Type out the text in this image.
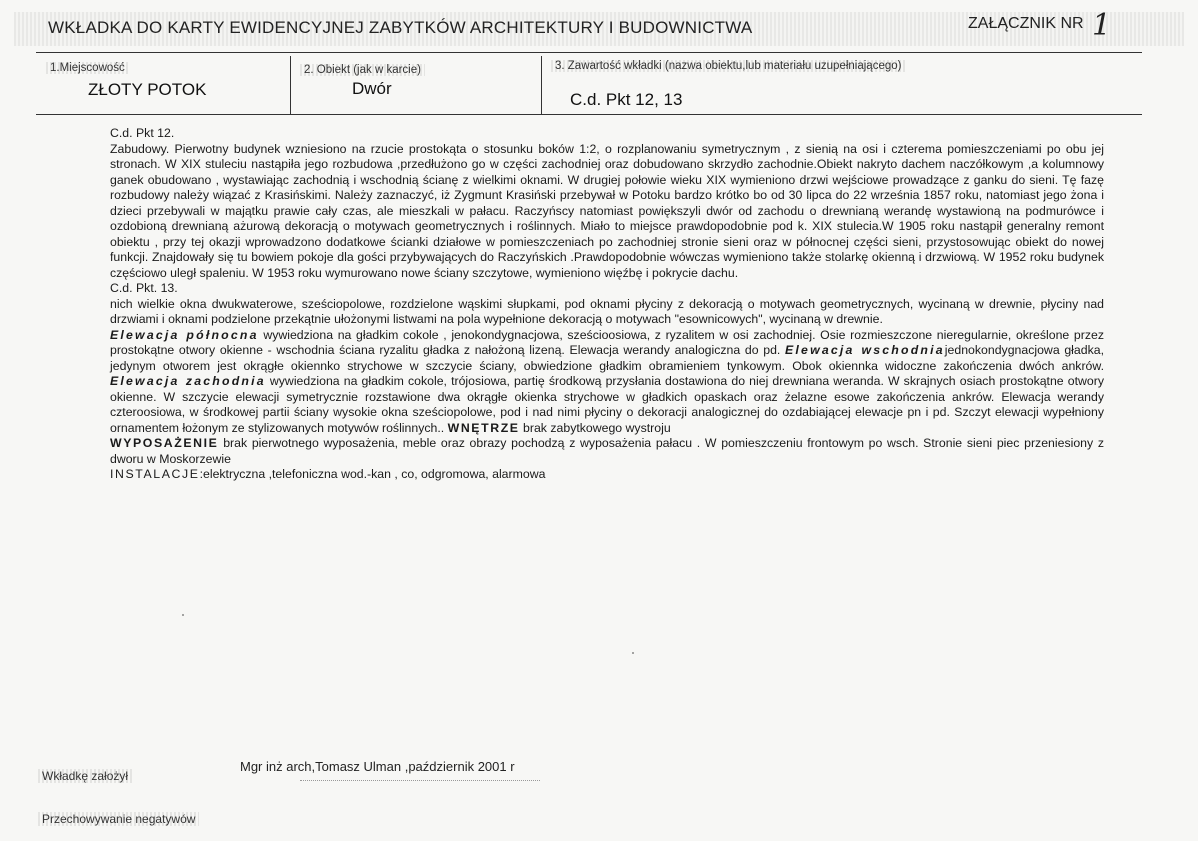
WKŁADKA DO KARTY EWIDENCYJNEJ ZABYTKÓW ARCHITEKTURY I BUDOWNICTWA	ZAŁĄCZNIK NR 1
1.Miejscowość
ZŁOTY POTOK
2. Obiekt (jak w karcie)
Dwór
3. Zawartość wkładki (nazwa obiektu,lub materiału uzupełniającego)
C.d. Pkt 12, 13

C.d. Pkt 12.

Zabudowy. Pierwotny budynek wzniesiono na rzucie prostokąta o stosunku boków 1:2, o rozplanowaniu symetrycznym , z sienią na osi i czterema pomieszczeniami po obu jej stronach. W XIX stuleciu nastąpiła jego rozbudowa ,przedłużono go w części zachodniej oraz dobudowano skrzydło zachodnie.Obiekt nakryto dachem naczółkowym ,a kolumnowy ganek obudowano , wystawiając zachodnią i wschodnią ścianę z wielkimi oknami. W drugiej połowie wieku XIX wymieniono drzwi wejściowe prowadzące z ganku do sieni. Tę fazę rozbudowy należy wiązać z Krasińskimi. Należy zaznaczyć, iż Zygmunt Krasiński przebywał w Potoku bardzo krótko bo od 30 lipca do 22 września 1857 roku, natomiast jego żona i dzieci przebywali w majątku prawie cały czas, ale mieszkali w pałacu. Raczyńscy natomiast powiększyli dwór od zachodu o drewnianą werandę wystawioną na podmurówce i ozdobioną drewnianą ażurową dekoracją o motywach geometrycznych i roślinnych. Miało to miejsce prawdopodobnie pod k. XIX stulecia.W 1905 roku nastąpił generalny remont obiektu , przy tej okazji wprowadzono dodatkowe ścianki działowe w pomieszczeniach po zachodniej stronie sieni oraz w północnej części sieni, przystosowując obiekt do nowej funkcji. Znajdowały się tu bowiem pokoje dla gości przybywających do Raczyńskich .Prawdopodobnie wówczas wymieniono także stolarkę okienną i drzwiową. W 1952 roku budynek częściowo uległ spaleniu. W 1953 roku wymurowano nowe ściany szczytowe, wymieniono więźbę i pokrycie dachu.

C.d. Pkt. 13.

nich wielkie okna dwukwaterowe, sześciopolowe, rozdzielone wąskimi słupkami, pod oknami płyciny z dekoracją o motywach geometrycznych, wycinaną w drewnie, płyciny nad drzwiami i oknami podzielone przekątnie ułożonymi listwami na pola wypełnione dekoracją o motywach "esownicowych", wycinaną w drewnie.

Elewacja północna wywiedziona na gładkim cokole , jenokondygnacjowa, sześcioosiowa, z ryzalitem w osi zachodniej. Osie rozmieszczone nieregularnie, określone przez prostokątne otwory okienne - wschodnia ściana ryzalitu gładka z nałożoną lizeną. Elewacja werandy analogiczna do pd. Elewacja wschodniajednokondygnacjowa gładka, jedynym otworem jest okrągłe okiennko strychowe w szczycie ściany, obwiedzione gładkim obramieniem tynkowym. Obok okiennka widoczne zakończenia dwóch ankrów. Elewacja zachodnia wywiedziona na gładkim cokole, trójosiowa, partię środkową przysłania dostawiona do niej drewniana weranda. W skrajnych osiach prostokątne otwory okienne. W szczycie elewacji symetrycznie rozstawione dwa okrągłe okienka strychowe w gładkich opaskach oraz żelazne esowe zakończenia ankrów. Elewacja werandy czteroosiowa, w środkowej partii ściany wysokie okna sześciopolowe, pod i nad nimi płyciny o dekoracji analogicznej do ozdabiającej elewacje pn i pd. Szczyt elewacji wypełniony ornamentem łożonym ze stylizowanych motywów roślinnych.. WNĘTRZE brak zabytkowego wystroju

WYPOSAŻENIE brak pierwotnego wyposażenia, meble oraz obrazy pochodzą z wyposażenia pałacu . W pomieszczeniu frontowym po wsch. Stronie sieni piec przeniesiony z dworu w Moskorzewie

INSTALACJE:elektryczna ,telefoniczna wod.-kan , co, odgromowa, alarmowa

Mgr inż arch,Tomasz Ulman ,październik 2001 r
Wkładkę założył
Przechowywanie negatywów
